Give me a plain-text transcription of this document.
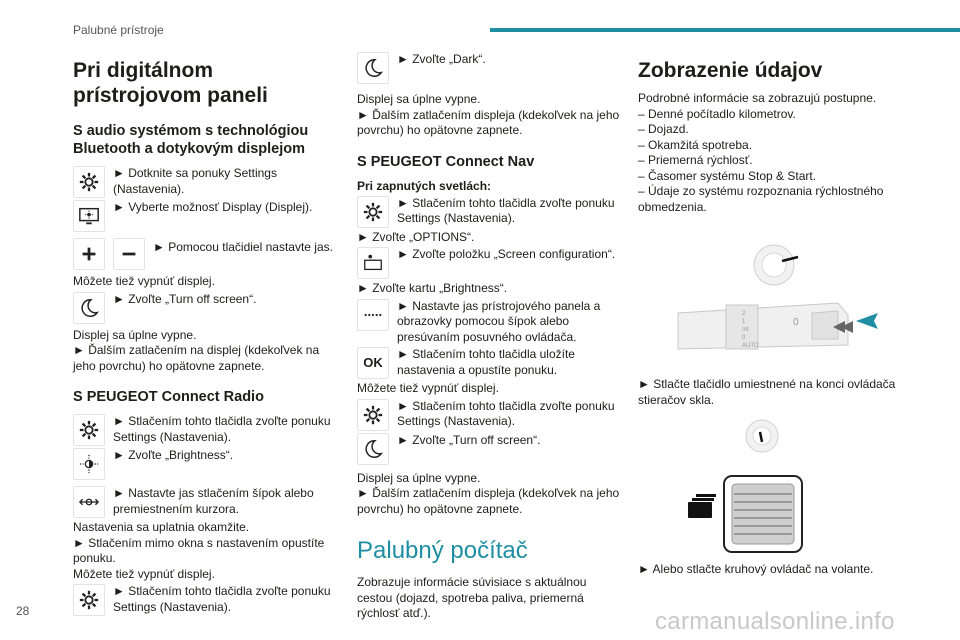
Palubné prístroje
28	carmanualsonline.info
Pri digitálnom prístrojovom paneli
S audio systémom s technológiou Bluetooth a dotykovým displejom
► Dotknite sa ponuky Settings (Nastavenia).
► Vyberte možnosť Display (Displej).
► Pomocou tlačidiel nastavte jas.

Môžete tiež vypnúť displej.

► Zvoľte „Turn off screen“.

Displej sa úplne vypne.

► Ďalším zatlačením na displej (kdekoľvek na jeho povrchu) ho opätovne zapnete.

S PEUGEOT Connect Radio
► Stlačením tohto tlačidla zvoľte ponuku Settings (Nastavenia).
► Zvoľte „Brightness“.
► Nastavte jas stlačením šípok alebo premiestnením kurzora.

Nastavenia sa uplatnia okamžite.

► Stlačením mimo okna s nastavením opustíte ponuku.

Môžete tiež vypnúť displej.

► Stlačením tohto tlačidla zvoľte ponuku Settings (Nastavenia).
► Zvoľte „Dark“.

Displej sa úplne vypne.

► Ďalším zatlačením displeja (kdekoľvek na jeho povrchu) ho opätovne zapnete.

S PEUGEOT Connect Nav
Pri zapnutých svetlách:
► Stlačením tohto tlačidla zvoľte ponuku Settings (Nastavenia).

► Zvoľte „OPTIONS“.

► Zvoľte položku „Screen configuration“.

► Zvoľte kartu „Brightness“.

► Nastavte jas prístrojového panela a obrazovky pomocou šípok alebo presúvaním posuvného ovládača.
OK
► Stlačením tohto tlačidla uložíte nastavenia a opustíte ponuku.

Môžete tiež vypnúť displej.

► Stlačením tohto tlačidla zvoľte ponuku Settings (Nastavenia).
► Zvoľte „Turn off screen“.

Displej sa úplne vypne.

► Ďalším zatlačením displeja (kdekoľvek na jeho povrchu) ho opätovne zapnete.

Palubný počítač

Zobrazuje informácie súvisiace s aktuálnou cestou (dojazd, spotreba paliva, priemerná rýchlosť atď.).

Zobrazenie údajov

Podrobné informácie sa zobrazujú postupne.

– Denné počítadlo kilometrov.

– Dojazd.

– Okamžitá spotreba.

– Priemerná rýchlosť.

– Časomer systému Stop & Start.

– Údaje zo systému rozpoznania rýchlostného obmedzenia.

2
1
Int
0
AUTO
0

► Stlačte tlačidlo umiestnené na konci ovládača stieračov skla.

► Alebo stlačte kruhový ovládač na volante.
